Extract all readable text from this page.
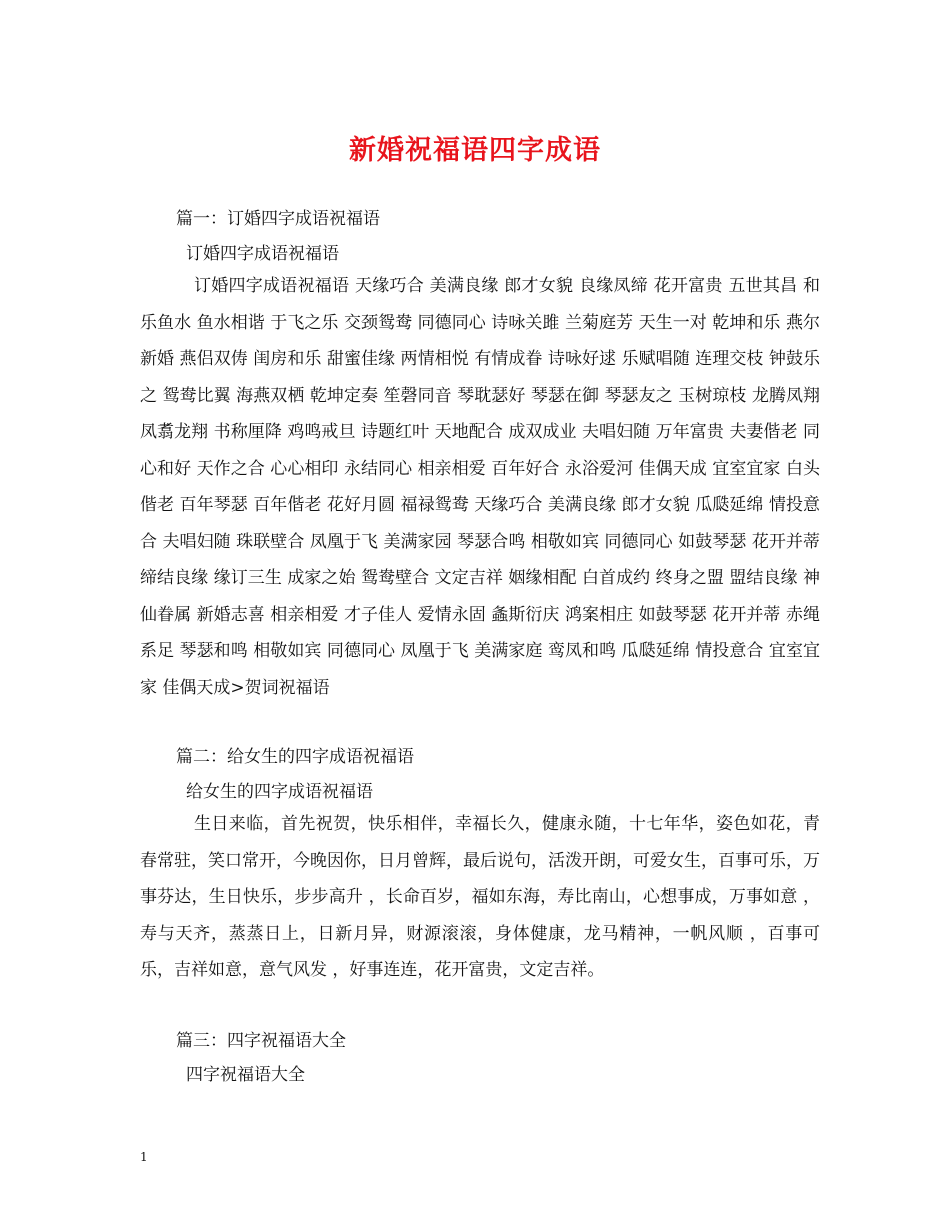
新婚祝福语四字成语
篇一：订婚四字成语祝福语
订婚四字成语祝福语

订婚四字成语祝福语 天缘巧合 美满良缘 郎才女貌 良缘凤缔 花开富贵 五世其昌 和乐鱼水 鱼水相谐 于飞之乐 交颈鸳鸯 同德同心 诗咏关雎 兰菊庭芳 天生一对 乾坤和乐 燕尔新婚 燕侣双俦 闺房和乐 甜蜜佳缘 两情相悦 有情成眷 诗咏好逑 乐赋唱随 连理交枝 钟鼓乐之 鸳鸯比翼 海燕双栖 乾坤定奏 笙磬同音 琴耽瑟好 琴瑟在御 琴瑟友之 玉树琼枝 龙腾凤翔 凤翥龙翔 书称厘降 鸡鸣戒旦 诗题红叶 天地配合 成双成业 夫唱妇随 万年富贵 夫妻偕老 同心和好 天作之合 心心相印 永结同心 相亲相爱 百年好合 永浴爱河 佳偶天成 宜室宜家 白头偕老 百年琴瑟 百年偕老 花好月圆 福禄鸳鸯 天缘巧合 美满良缘 郎才女貌 瓜瓞延绵 情投意合 夫唱妇随 珠联壁合 凤凰于飞 美满家园 琴瑟合鸣 相敬如宾 同德同心 如鼓琴瑟 花开并蒂 缔结良缘 缘订三生 成家之始 鸳鸯壁合 文定吉祥 姻缘相配 白首成约 终身之盟 盟结良缘 神仙眷属 新婚志喜 相亲相爱 才子佳人 爱情永固 螽斯衍庆 鸿案相庄 如鼓琴瑟 花开并蒂 赤绳系足 琴瑟和鸣 相敬如宾 同德同心 凤凰于飞 美满家庭 鸾凤和鸣 瓜瓞延绵 情投意合 宜室宜家 佳偶天成>贺词祝福语

篇二：给女生的四字成语祝福语
给女生的四字成语祝福语

生日来临，首先祝贺，快乐相伴，幸福长久，健康永随，十七年华，姿色如花，青春常驻，笑口常开，今晚因你，日月曾辉，最后说句，活泼开朗，可爱女生，百事可乐，万事芬达，生日快乐，步步高升 ，长命百岁，福如东海，寿比南山，心想事成，万事如意 ，寿与天齐，蒸蒸日上，日新月异，财源滚滚，身体健康，龙马精神，一帆风顺 ，百事可乐，吉祥如意，意气风发 ，好事连连，花开富贵，文定吉祥。

篇三：四字祝福语大全
四字祝福语大全
1
